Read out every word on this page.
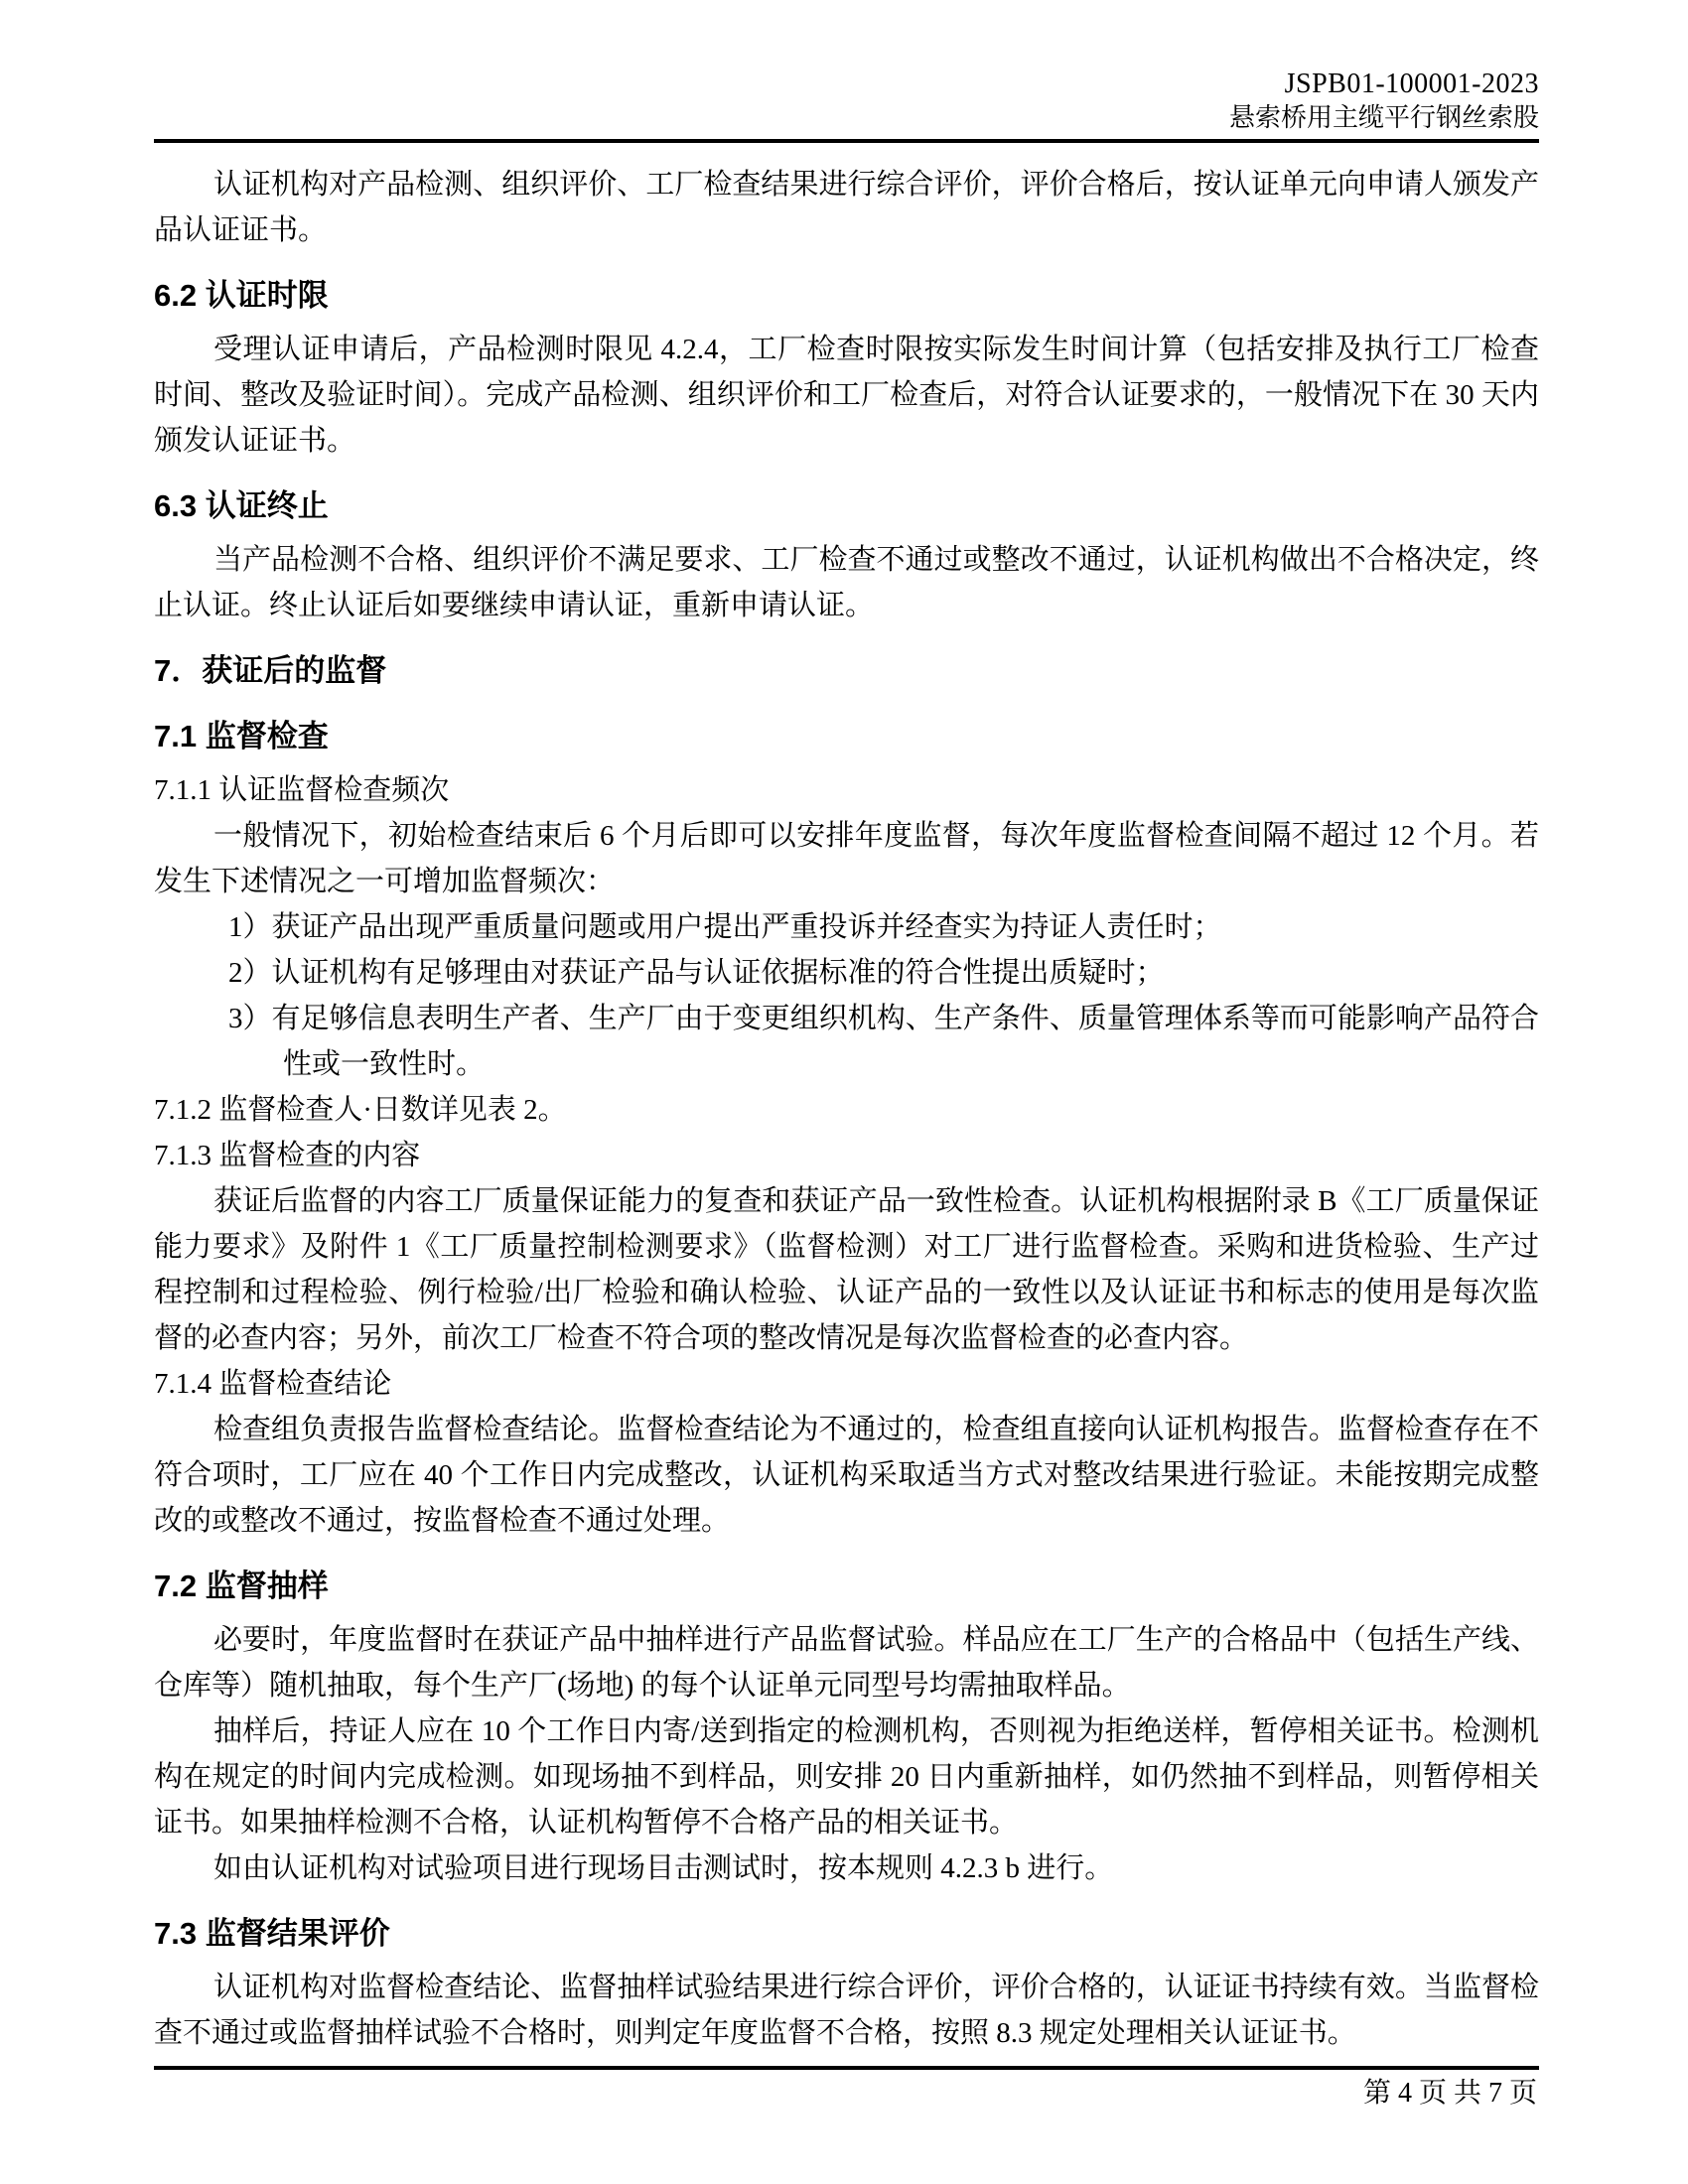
JSPB01-100001-2023
悬索桥用主缆平行钢丝索股

认证机构对产品检测、组织评价、工厂检查结果进行综合评价，评价合格后，按认证单元向申请人颁发产品认证证书。

6.2 认证时限

受理认证申请后，产品检测时限见 4.2.4，工厂检查时限按实际发生时间计算（包括安排及执行工厂检查时间、整改及验证时间）。完成产品检测、组织评价和工厂检查后，对符合认证要求的，一般情况下在 30 天内颁发认证证书。

6.3 认证终止

当产品检测不合格、组织评价不满足要求、工厂检查不通过或整改不通过，认证机构做出不合格决定，终止认证。终止认证后如要继续申请认证，重新申请认证。

7．获证后的监督
7.1 监督检查

7.1.1 认证监督检查频次

一般情况下，初始检查结束后 6 个月后即可以安排年度监督，每次年度监督检查间隔不超过 12 个月。若发生下述情况之一可增加监督频次：

1）获证产品出现严重质量问题或用户提出严重投诉并经查实为持证人责任时；

2）认证机构有足够理由对获证产品与认证依据标准的符合性提出质疑时；

3）有足够信息表明生产者、生产厂由于变更组织机构、生产条件、质量管理体系等而可能影响产品符合性或一致性时。

7.1.2 监督检查人·日数详见表 2。

7.1.3 监督检查的内容

获证后监督的内容工厂质量保证能力的复查和获证产品一致性检查。认证机构根据附录 B《工厂质量保证能力要求》及附件 1《工厂质量控制检测要求》（监督检测）对工厂进行监督检查。采购和进货检验、生产过程控制和过程检验、例行检验/出厂检验和确认检验、认证产品的一致性以及认证证书和标志的使用是每次监督的必查内容；另外，前次工厂检查不符合项的整改情况是每次监督检查的必查内容。

7.1.4 监督检查结论

检查组负责报告监督检查结论。监督检查结论为不通过的，检查组直接向认证机构报告。监督检查存在不符合项时，工厂应在 40 个工作日内完成整改，认证机构采取适当方式对整改结果进行验证。未能按期完成整改的或整改不通过，按监督检查不通过处理。

7.2 监督抽样

必要时，年度监督时在获证产品中抽样进行产品监督试验。样品应在工厂生产的合格品中（包括生产线、仓库等）随机抽取，每个生产厂(场地) 的每个认证单元同型号均需抽取样品。

抽样后，持证人应在 10 个工作日内寄/送到指定的检测机构，否则视为拒绝送样，暂停相关证书。检测机构在规定的时间内完成检测。如现场抽不到样品，则安排 20 日内重新抽样，如仍然抽不到样品，则暂停相关证书。如果抽样检测不合格，认证机构暂停不合格产品的相关证书。

如由认证机构对试验项目进行现场目击测试时，按本规则 4.2.3 b 进行。

7.3 监督结果评价

认证机构对监督检查结论、监督抽样试验结果进行综合评价，评价合格的，认证证书持续有效。当监督检查不通过或监督抽样试验不合格时，则判定年度监督不合格，按照 8.3 规定处理相关认证证书。

第 4 页 共 7 页
